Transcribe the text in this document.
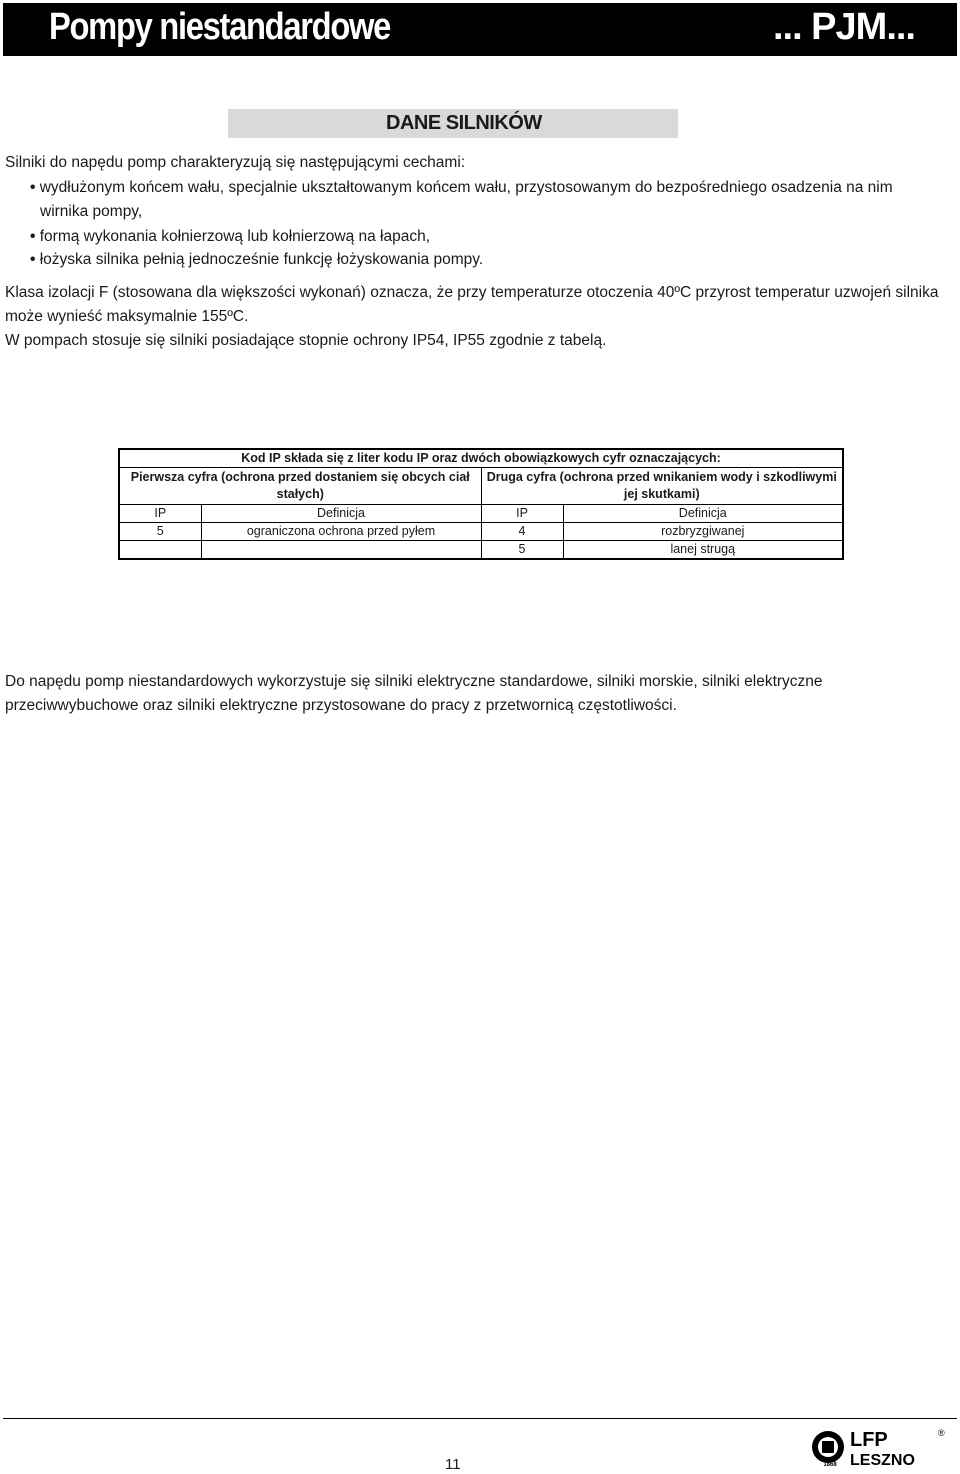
Pompy niestandardowe	... PJM...
DANE SILNIKÓW
Silniki do napędu pomp charakteryzują się następującymi cechami:
• wydłużonym końcem wału, specjalnie ukształtowanym końcem wału, przystosowanym do bezpośredniego osadzenia na nim
wirnika pompy,
• formą wykonania kołnierzową lub kołnierzową na łapach,
• łożyska silnika pełnią jednocześnie funkcję łożyskowania pompy.
Klasa izolacji F (stosowana dla większości wykonań) oznacza, że przy temperaturze otoczenia 40ºC przyrost temperatur uzwojeń silnika
może wynieść maksymalnie 155ºC.
W pompach stosuje się silniki posiadające stopnie ochrony IP54, IP55 zgodnie z tabelą.
Kod IP składa się z liter kodu IP oraz dwóch obowiązkowych cyfr oznaczających:			
Pierwsza cyfra (ochrona przed dostaniem się obcych ciał stałych)		Druga cyfra (ochrona przed wnikaniem wody i szkodliwymi jej skutkami)	
IP	Definicja	IP	Definicja
5	ograniczona ochrona przed pyłem	4	rozbryzgiwanej
		5	lanej strugą
Do napędu pomp niestandardowych wykorzystuje się silniki elektryczne standardowe, silniki morskie, silniki elektryczne
przeciwwybuchowe oraz silniki elektryczne przystosowane do pracy z przetwornicą częstotliwości.
11	1868
LFP
LESZNO
®
